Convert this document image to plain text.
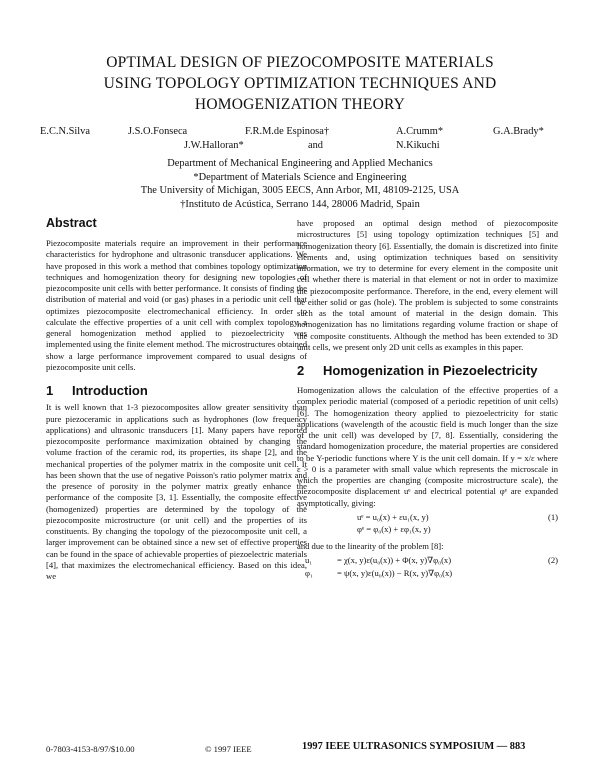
OPTIMAL DESIGN OF PIEZOCOMPOSITE MATERIALS
USING TOPOLOGY OPTIMIZATION TECHNIQUES AND
HOMOGENIZATION THEORY
E.C.N.Silva	J.S.O.Fonseca	F.R.M.de Espinosa†	A.Crumm*	G.A.Brady*
J.W.Halloran*	and	N.Kikuchi
Department of Mechanical Engineering and Applied Mechanics
*Department of Materials Science and Engineering
The University of Michigan, 3005 EECS, Ann Arbor, MI, 48109-2125, USA
†Instituto de Acústica, Serrano 144, 28006 Madrid, Spain
Abstract

Piezocomposite materials require an improvement in their performance characteristics for hydrophone and ultrasonic transducer applications. We have proposed in this work a method that combines topology optimization techniques and homogenization theory for designing new topologies of piezocomposite unit cells with better performance. It consists of finding the distribution of material and void (or gas) phases in a periodic unit cell that optimizes piezocomposite electromechanical efficiency. In order to calculate the effective properties of a unit cell with complex topology, a general homogenization method applied to piezoelectricity was implemented using the finite element method. The microstructures obtained show a large performance improvement compared to usual designs of piezocomposite unit cells.

1 Introduction

It is well known that 1-3 piezocomposites allow greater sensitivity than pure piezoceramic in applications such as hydrophones (low frequency applications) and ultrasonic transducers [1]. Many papers have reported piezocomposite performance maximization obtained by changing the volume fraction of the ceramic rod, its properties, its shape [2], and the mechanical properties of the polymer matrix in the composite unit cell. It has been shown that the use of negative Poisson's ratio polymer matrix and the presence of porosity in the polymer matrix greatly enhance the performance of the composite [3, 1]. Essentially, the composite effective (homogenized) properties are determined by the topology of the piezocomposite microstructure (or unit cell) and the properties of its constituents. By changing the topology of the piezocomposite unit cell, a larger improvement can be obtained since a new set of effective properties can be found in the space of achievable properties of piezoelectric materials [4], that maximizes the electromechanical efficiency. Based on this idea, we

have proposed an optimal design method of piezocomposite microstructures [5] using topology optimization techniques [5] and homogenization theory [6]. Essentially, the domain is discretized into finite elements and, using optimization techniques based on sensitivity information, we try to determine for every element in the composite unit cell whether there is material in that element or not in order to maximize the piezocomposite performance. Therefore, in the end, every element will be either solid or gas (hole). The problem is subjected to some constraints such as the total amount of material in the design domain. This homogenization has no limitations regarding volume fraction or shape of the composite constituents. Although the method has been extended to 3D unit cells, we present only 2D unit cells as examples in this paper.

2 Homogenization in Piezoelectricity

Homogenization allows the calculation of the effective properties of a complex periodic material (composed of a periodic repetition of unit cells) [6]. The homogenization theory applied to piezoelectricity for static applications (wavelength of the acoustic field is much longer than the size of the unit cell) was developed by [7, 8]. Essentially, considering the standard homogenization procedure, the material properties are considered to be Y-periodic functions where Y is the unit cell domain. If y = x/ε where ε > 0 is a parameter with small value which represents the microscale in which the properties are changing (composite microstructure scale), the piezocomposite displacement uᵉ and electrical potential φᵉ are expanded asymptotically, giving:

uᵉ = u₀(x) + εu₁(x, y)	(1)
φᵉ = φ₀(x) + εφ₁(x, y)

and due to the linearity of the problem [8]:

u₁	= χ(x, y)ε(u₀(x)) + Φ(x, y)∇φ₀(x)	(2)
φ₁	= ψ(x, y)ε(u₀(x)) − R(x, y)∇φ₀(x)
0-7803-4153-8/97/$10.00	© 1997 IEEE	1997 IEEE ULTRASONICS SYMPOSIUM — 883
